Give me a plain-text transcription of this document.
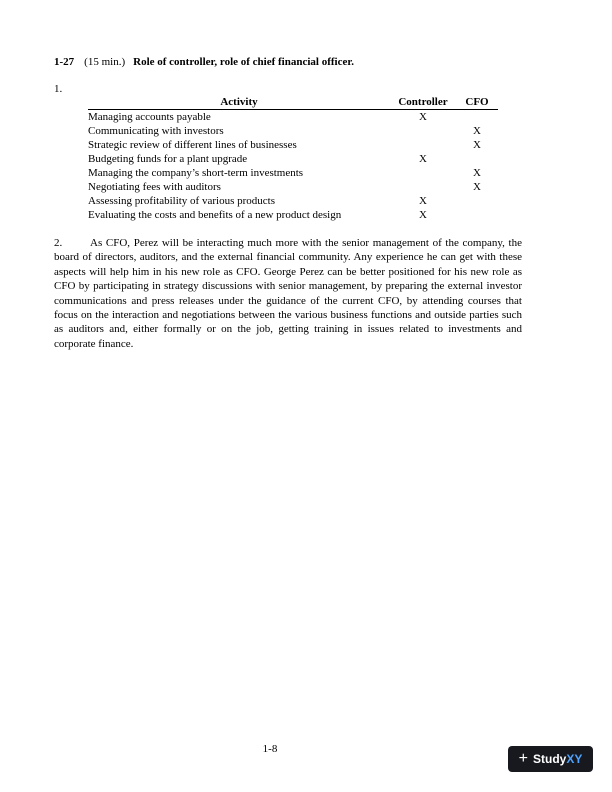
1-27 (15 min.) Role of controller, role of chief financial officer.
1.
Activity	Controller	CFO
Managing accounts payable	X	
Communicating with investors		X
Strategic review of different lines of businesses		X
Budgeting funds for a plant upgrade	X	
Managing the company’s short-term investments		X
Negotiating fees with auditors		X
Assessing profitability of various products	X	
Evaluating the costs and benefits of a new product design	X	

2.	As CFO, Perez will be interacting much more with the senior management of the company, the board of directors, auditors, and the external financial community. Any experience he can get with these aspects will help him in his new role as CFO. George Perez can be better positioned for his new role as CFO by participating in strategy discussions with senior management, by preparing the external investor communications and press releases under the guidance of the current CFO, by attending courses that focus on the interaction and negotiations between the various business functions and outside parties such as auditors and, either formally or on the job, getting training in issues related to investments and corporate finance.

1-8
+ Study XY
